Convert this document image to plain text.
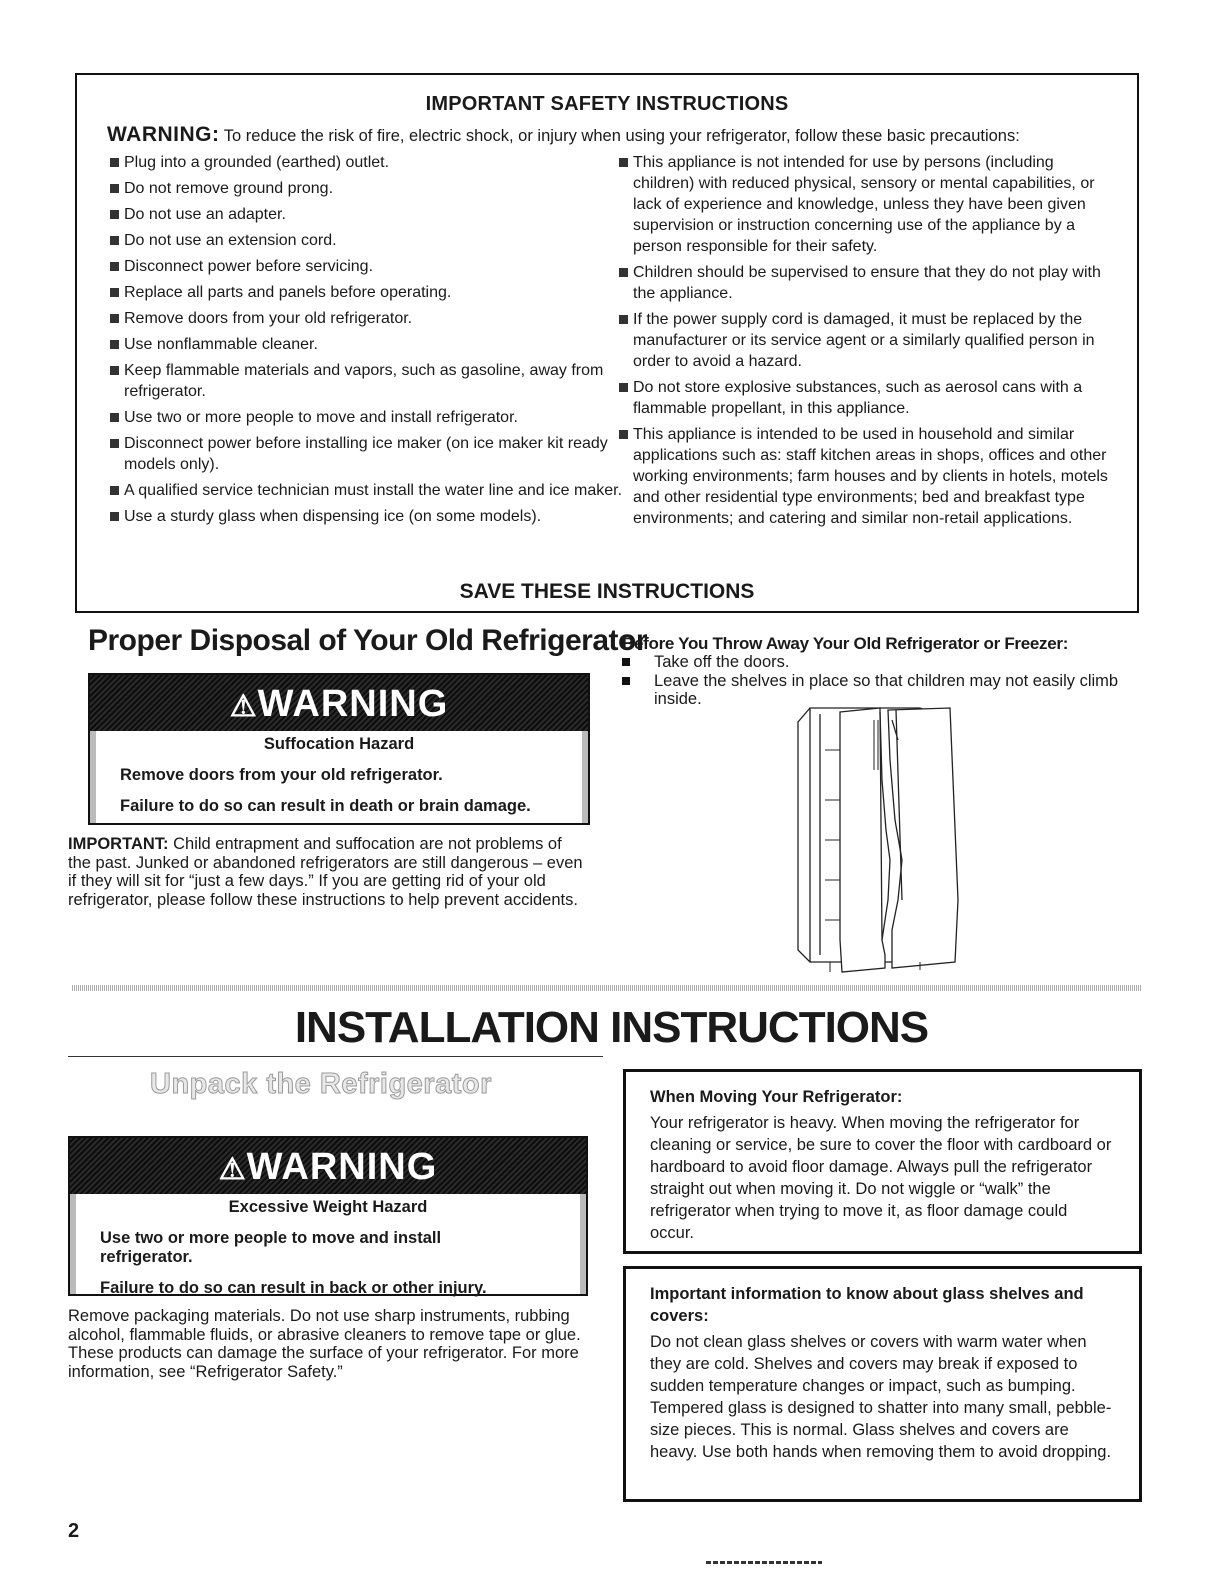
IMPORTANT SAFETY INSTRUCTIONS
WARNING: To reduce the risk of fire, electric shock, or injury when using your refrigerator, follow these basic precautions:
Plug into a grounded (earthed) outlet.
Do not remove ground prong.
Do not use an adapter.
Do not use an extension cord.
Disconnect power before servicing.
Replace all parts and panels before operating.
Remove doors from your old refrigerator.
Use nonflammable cleaner.
Keep flammable materials and vapors, such as gasoline, away from refrigerator.
Use two or more people to move and install refrigerator.
Disconnect power before installing ice maker (on ice maker kit ready models only).
A qualified service technician must install the water line and ice maker.
Use a sturdy glass when dispensing ice (on some models).
This appliance is not intended for use by persons (including children) with reduced physical, sensory or mental capabilities, or lack of experience and knowledge, unless they have been given supervision or instruction concerning use of the appliance by a person responsible for their safety.
Children should be supervised to ensure that they do not play with the appliance.
If the power supply cord is damaged, it must be replaced by the manufacturer or its service agent or a similarly qualified person in order to avoid a hazard.
Do not store explosive substances, such as aerosol cans with a flammable propellant, in this appliance.
This appliance is intended to be used in household and similar applications such as: staff kitchen areas in shops, offices and other working environments; farm houses and by clients in hotels, motels and other residential type environments; bed and breakfast type environments; and catering and similar non-retail applications.
SAVE THESE INSTRUCTIONS
Proper Disposal of Your Old Refrigerator
⚠WARNING

Suffocation Hazard

Remove doors from your old refrigerator.

Failure to do so can result in death or brain damage.

IMPORTANT: Child entrapment and suffocation are not problems of the past. Junked or abandoned refrigerators are still dangerous – even if they will sit for “just a few days.” If you are getting rid of your old refrigerator, please follow these instructions to help prevent accidents.
Before You Throw Away Your Old Refrigerator or Freezer:
Take off the doors.
Leave the shelves in place so that children may not easily climb inside.
INSTALLATION INSTRUCTIONS
Unpack the Refrigerator
⚠WARNING

Excessive Weight Hazard

Use two or more people to move and install refrigerator.

Failure to do so can result in back or other injury.

Remove packaging materials. Do not use sharp instruments, rubbing alcohol, flammable fluids, or abrasive cleaners to remove tape or glue. These products can damage the surface of your refrigerator. For more information, see “Refrigerator Safety.”
When Moving Your Refrigerator:

Your refrigerator is heavy. When moving the refrigerator for cleaning or service, be sure to cover the floor with cardboard or hardboard to avoid floor damage. Always pull the refrigerator straight out when moving it. Do not wiggle or “walk” the refrigerator when trying to move it, as floor damage could occur.

Important information to know about glass shelves and covers:

Do not clean glass shelves or covers with warm water when they are cold. Shelves and covers may break if exposed to sudden temperature changes or impact, such as bumping. Tempered glass is designed to shatter into many small, pebble-size pieces. This is normal. Glass shelves and covers are heavy. Use both hands when removing them to avoid dropping.

2
